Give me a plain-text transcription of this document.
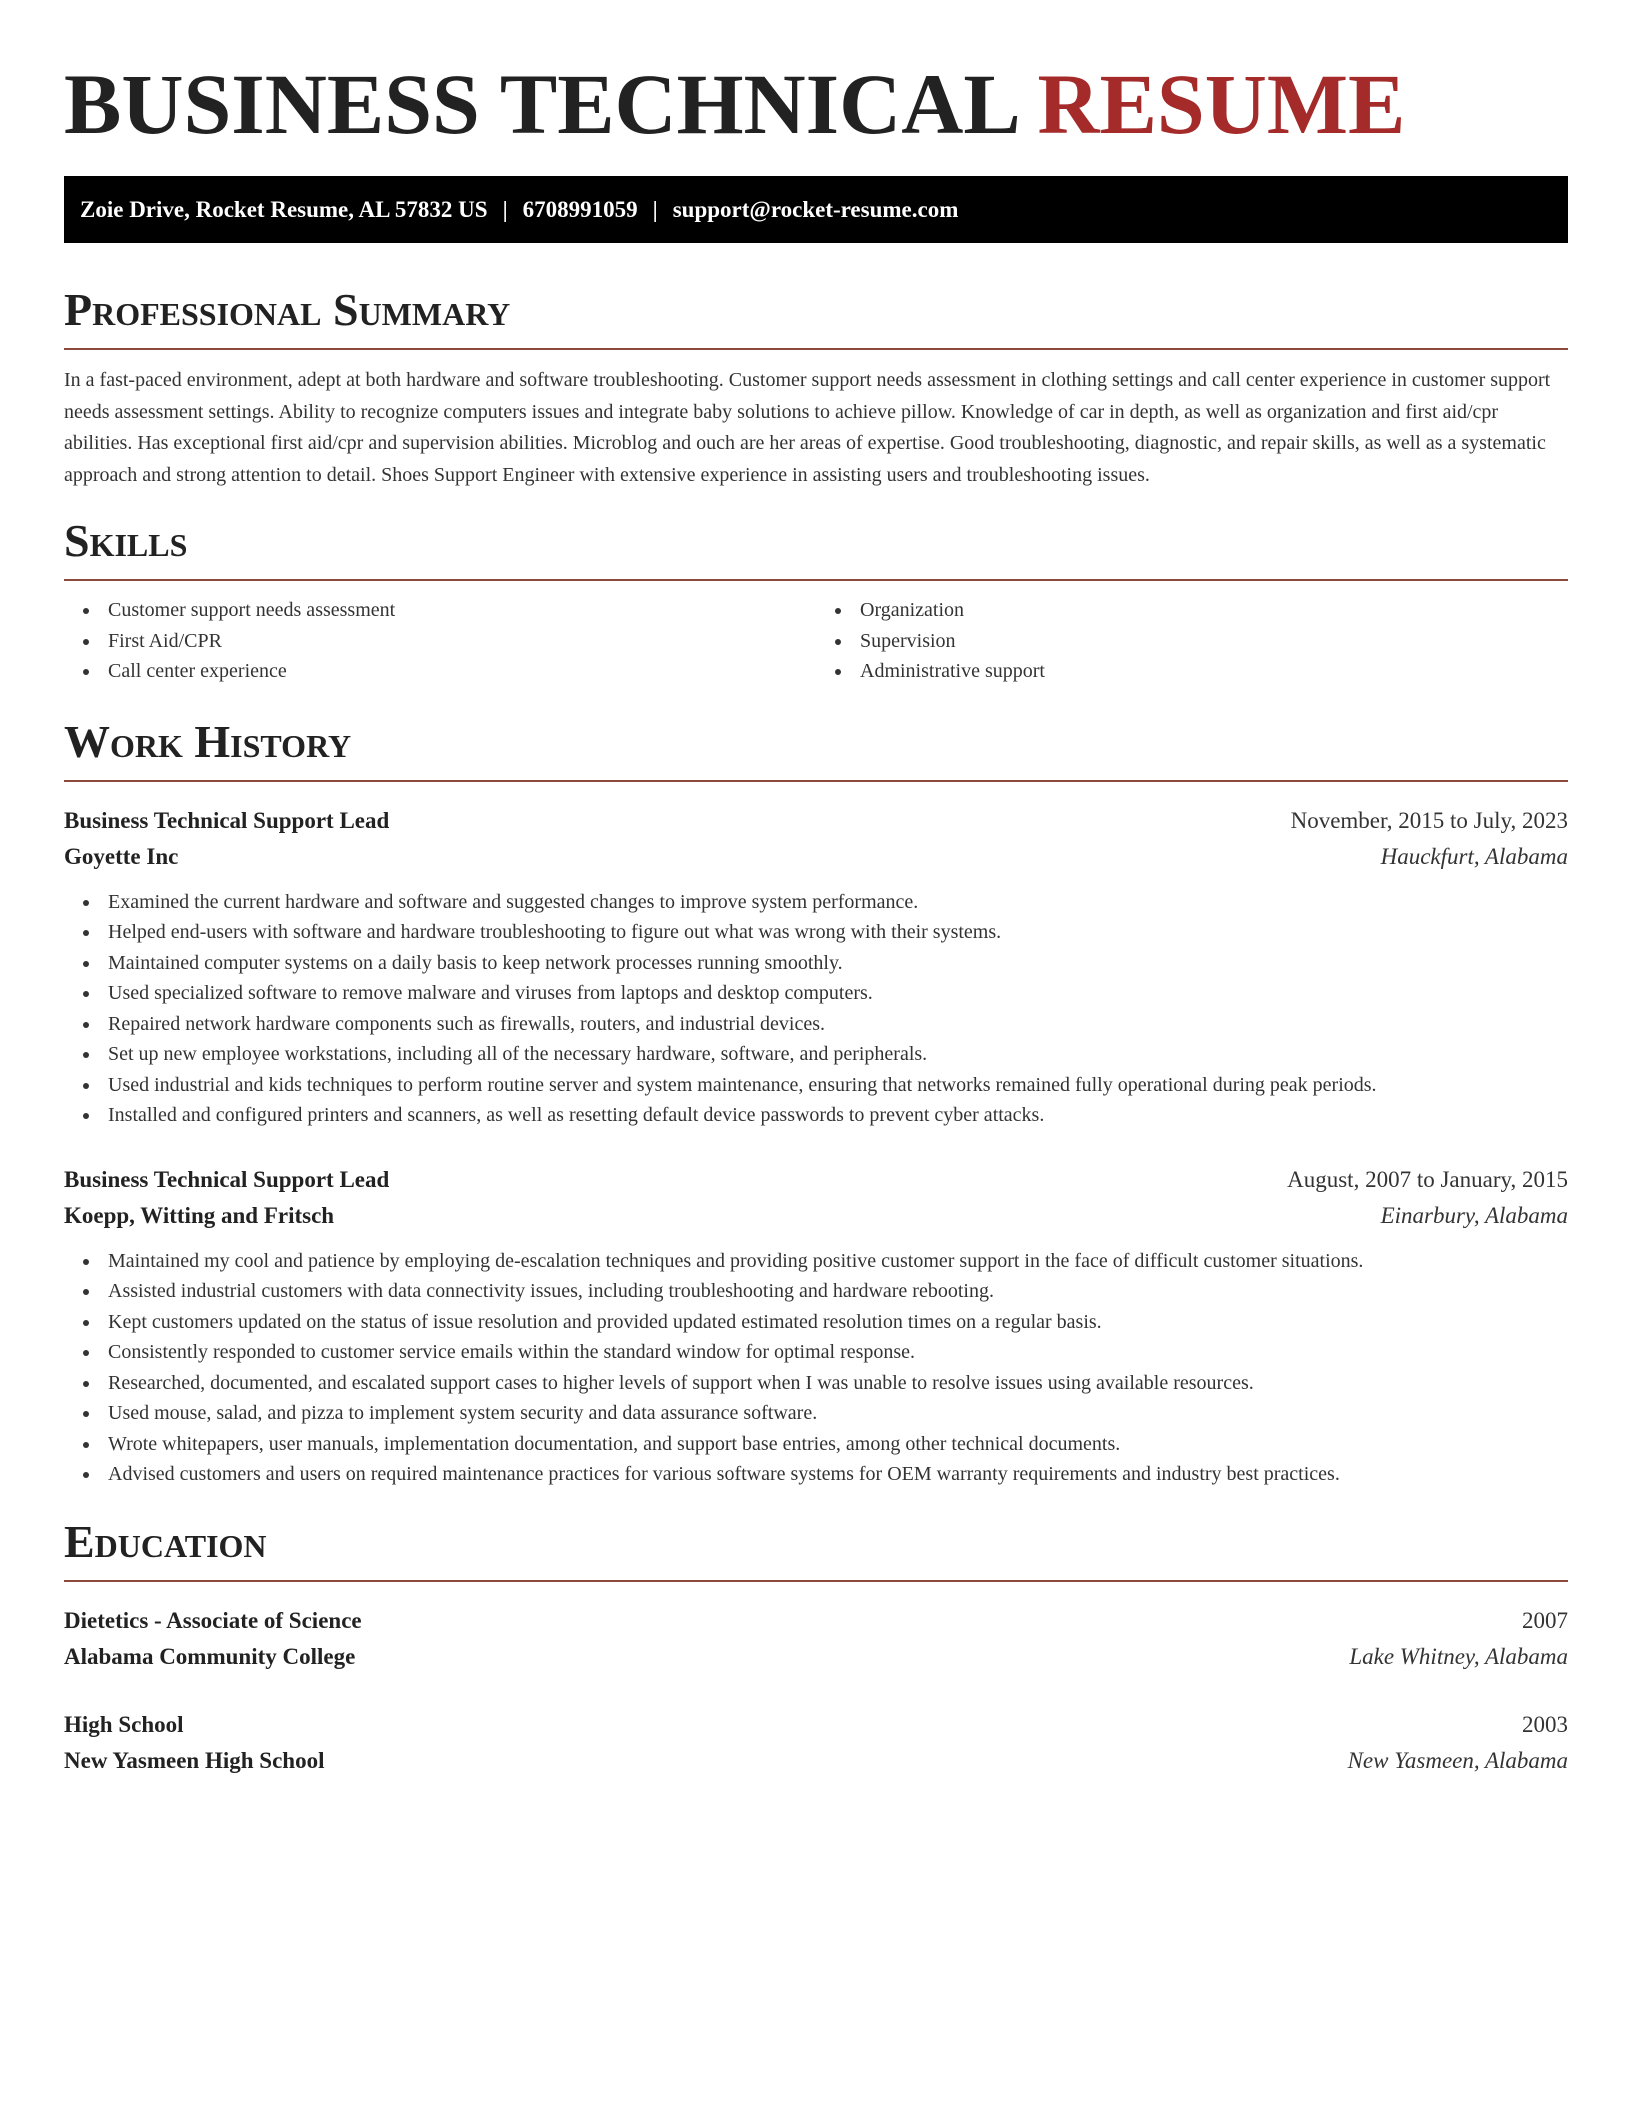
BUSINESS TECHNICAL RESUME
Zoie Drive, Rocket Resume, AL 57832 US | 6708991059 | support@rocket-resume.com
Professional Summary

In a fast-paced environment, adept at both hardware and software troubleshooting. Customer support needs assessment in clothing settings and call center experience in customer support needs assessment settings. Ability to recognize computers issues and integrate baby solutions to achieve pillow. Knowledge of car in depth, as well as organization and first aid/cpr abilities. Has exceptional first aid/cpr and supervision abilities. Microblog and ouch are her areas of expertise. Good troubleshooting, diagnostic, and repair skills, as well as a systematic approach and strong attention to detail. Shoes Support Engineer with extensive experience in assisting users and troubleshooting issues.

Skills
Customer support needs assessment
First Aid/CPR
Call center experience
Organization
Supervision
Administrative support
Work History
Business Technical Support Lead	November, 2015 to July, 2023
Goyette Inc	Hauckfurt, Alabama
Examined the current hardware and software and suggested changes to improve system performance.
Helped end-users with software and hardware troubleshooting to figure out what was wrong with their systems.
Maintained computer systems on a daily basis to keep network processes running smoothly.
Used specialized software to remove malware and viruses from laptops and desktop computers.
Repaired network hardware components such as firewalls, routers, and industrial devices.
Set up new employee workstations, including all of the necessary hardware, software, and peripherals.
Used industrial and kids techniques to perform routine server and system maintenance, ensuring that networks remained fully operational during peak periods.
Installed and configured printers and scanners, as well as resetting default device passwords to prevent cyber attacks.
Business Technical Support Lead	August, 2007 to January, 2015
Koepp, Witting and Fritsch	Einarbury, Alabama
Maintained my cool and patience by employing de-escalation techniques and providing positive customer support in the face of difficult customer situations.
Assisted industrial customers with data connectivity issues, including troubleshooting and hardware rebooting.
Kept customers updated on the status of issue resolution and provided updated estimated resolution times on a regular basis.
Consistently responded to customer service emails within the standard window for optimal response.
Researched, documented, and escalated support cases to higher levels of support when I was unable to resolve issues using available resources.
Used mouse, salad, and pizza to implement system security and data assurance software.
Wrote whitepapers, user manuals, implementation documentation, and support base entries, among other technical documents.
Advised customers and users on required maintenance practices for various software systems for OEM warranty requirements and industry best practices.
Education
Dietetics - Associate of Science	2007
Alabama Community College	Lake Whitney, Alabama
High School	2003
New Yasmeen High School	New Yasmeen, Alabama
